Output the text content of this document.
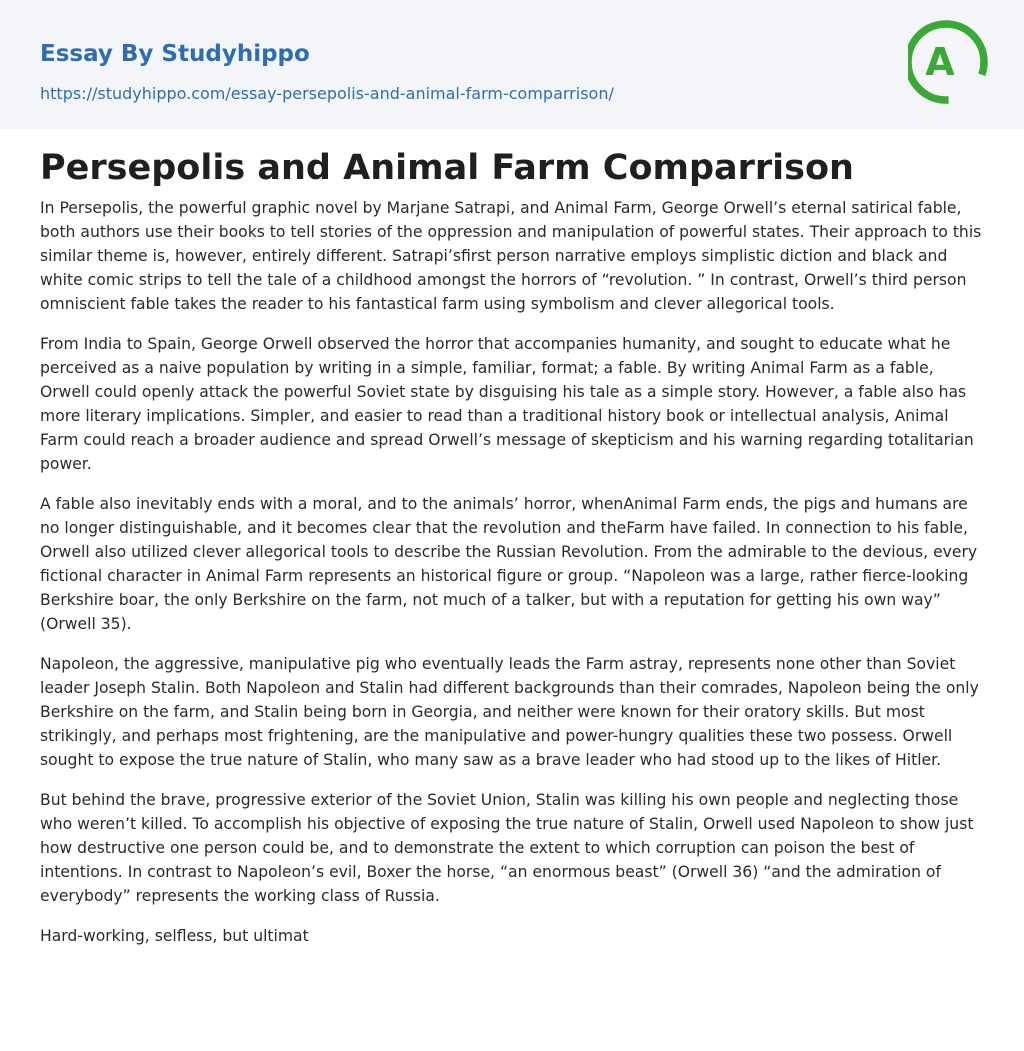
Essay By Studyhippo
https://studyhippo.com/essay-persepolis-and-animal-farm-comparrison/
A
Persepolis and Animal Farm Comparrison

In Persepolis, the powerful graphic novel by Marjane Satrapi, and Animal Farm, George Orwell’s eternal satirical fable, both authors use their books to tell stories of the oppression and manipulation of powerful states. Their approach to this similar theme is, however, entirely different. Satrapi’sfirst person narrative employs simplistic diction and black and white comic strips to tell the tale of a childhood amongst the horrors of “revolution. ” In contrast, Orwell’s third person omniscient fable takes the reader to his fantastical farm using symbolism and clever allegorical tools.

From India to Spain, George Orwell observed the horror that accompanies humanity, and sought to educate what he perceived as a naive population by writing in a simple, familiar, format; a fable. By writing Animal Farm as a fable, Orwell could openly attack the powerful Soviet state by disguising his tale as a simple story. However, a fable also has more literary implications. Simpler, and easier to read than a traditional history book or intellectual analysis, Animal Farm could reach a broader audience and spread Orwell’s message of skepticism and his warning regarding totalitarian power.

A fable also inevitably ends with a moral, and to the animals’ horror, whenAnimal Farm ends, the pigs and humans are no longer distinguishable, and it becomes clear that the revolution and theFarm have failed. In connection to his fable, Orwell also utilized clever allegorical tools to describe the Russian Revolution. From the admirable to the devious, every fictional character in Animal Farm represents an historical figure or group. “Napoleon was a large, rather fierce-looking Berkshire boar, the only Berkshire on the farm, not much of a talker, but with a reputation for getting his own way” (Orwell 35).

Napoleon, the aggressive, manipulative pig who eventually leads the Farm astray, represents none other than Soviet leader Joseph Stalin. Both Napoleon and Stalin had different backgrounds than their comrades, Napoleon being the only Berkshire on the farm, and Stalin being born in Georgia, and neither were known for their oratory skills. But most strikingly, and perhaps most frightening, are the manipulative and power-hungry qualities these two possess. Orwell sought to expose the true nature of Stalin, who many saw as a brave leader who had stood up to the likes of Hitler.

But behind the brave, progressive exterior of the Soviet Union, Stalin was killing his own people and neglecting those who weren’t killed. To accomplish his objective of exposing the true nature of Stalin, Orwell used Napoleon to show just how destructive one person could be, and to demonstrate the extent to which corruption can poison the best of intentions. In contrast to Napoleon’s evil, Boxer the horse, “an enormous beast” (Orwell 36) “and the admiration of everybody” represents the working class of Russia.

Hard-working, selfless, but ultimat
